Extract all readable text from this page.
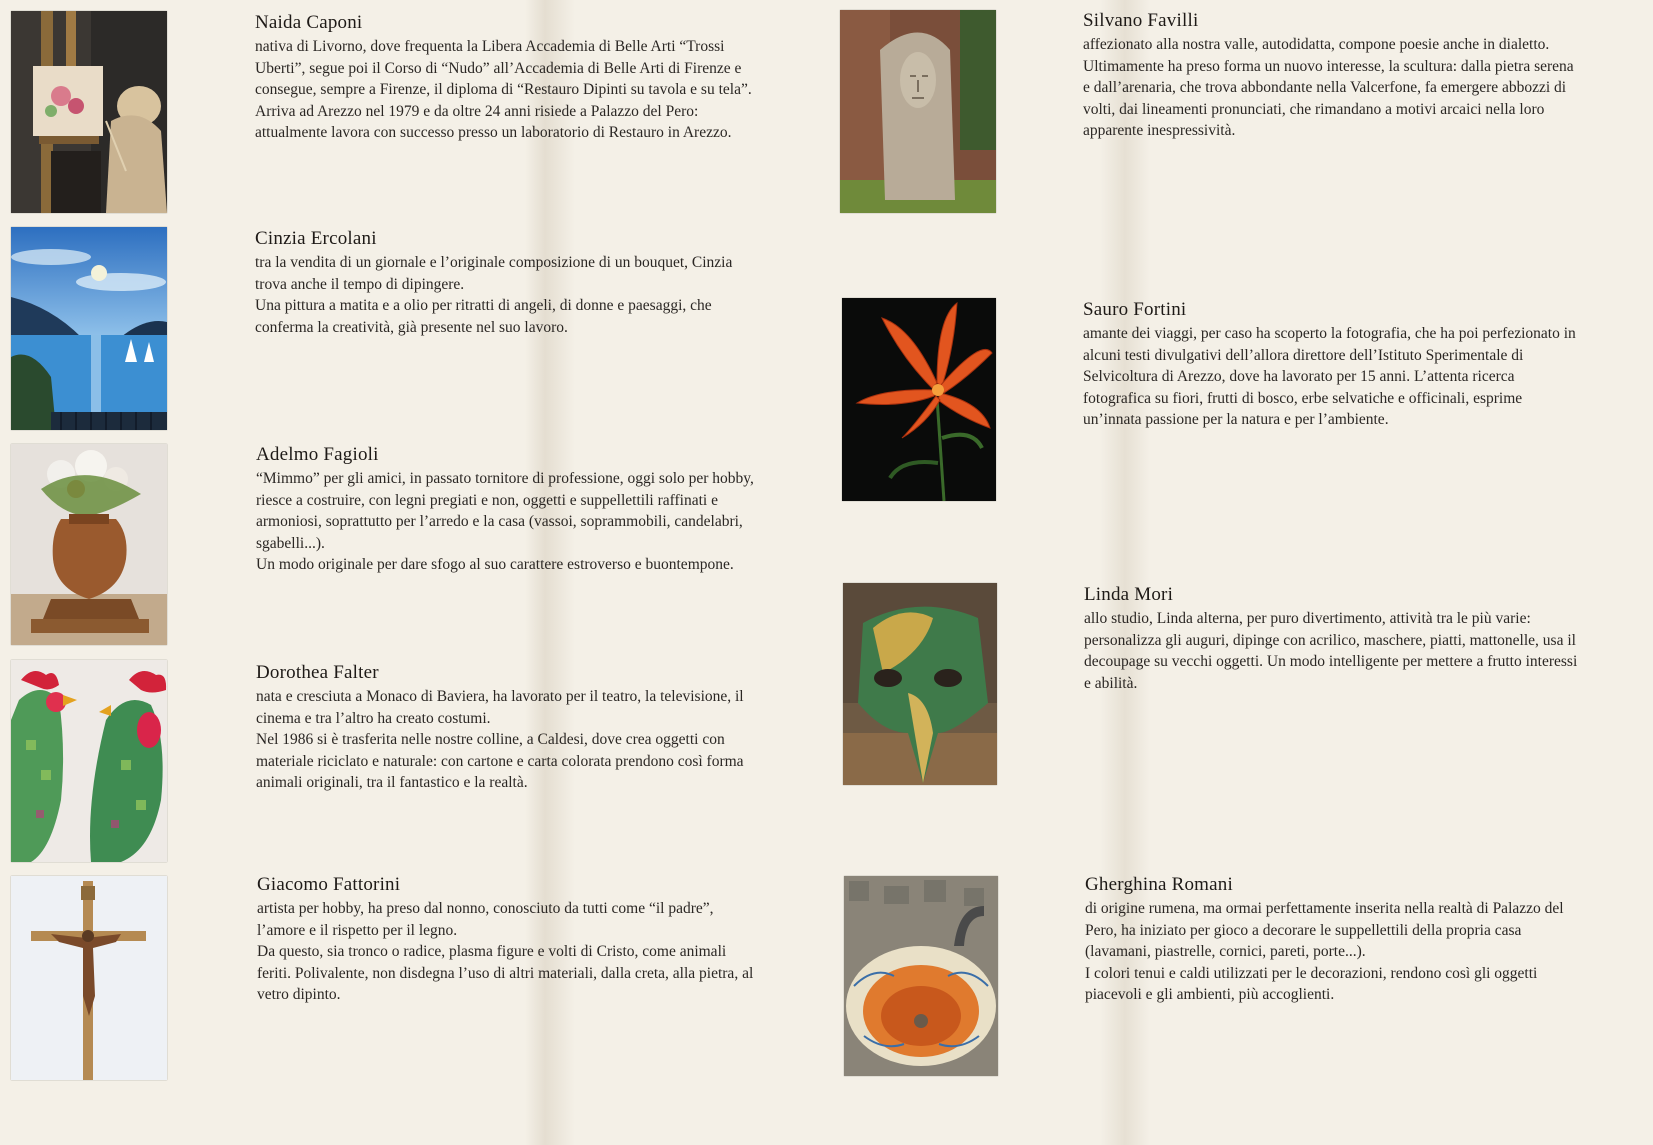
Naida Caponi

nativa di Livorno, dove frequenta la Libera Accademia di Belle Arti “Trossi Uberti”, segue poi il Corso di “Nudo” all’Accademia di Belle Arti di Firenze e consegue, sempre a Firenze, il diploma di “Restauro Dipinti su tavola e su tela”. Arriva ad Arezzo nel 1979 e da oltre 24 anni risiede a Palazzo del Pero: attualmente lavora con successo presso un laboratorio di Restauro in Arezzo.

Cinzia Ercolani

tra la vendita di un giornale e l’originale composizione di un bouquet, Cinzia trova anche il tempo di dipingere.

Una pittura a matita e a olio per ritratti di angeli, di donne e paesaggi, che conferma la creatività, già presente nel suo lavoro.

Adelmo Fagioli

“Mimmo” per gli amici, in passato tornitore di professione, oggi solo per hobby, riesce a costruire, con legni pregiati e non, oggetti e suppellettili raffinati e armoniosi, soprattutto per l’arredo e la casa (vassoi, soprammobili, candelabri, sgabelli...).

Un modo originale per dare sfogo al suo carattere estroverso e buontempone.

Dorothea Falter

nata e cresciuta a Monaco di Baviera, ha lavorato per il teatro, la televisione, il cinema e tra l’altro ha creato costumi.

Nel 1986 si è trasferita nelle nostre colline, a Caldesi, dove crea oggetti con materiale riciclato e naturale: con cartone e carta colorata prendono così forma animali originali, tra il fantastico e la realtà.

Giacomo Fattorini

artista per hobby, ha preso dal nonno, conosciuto da tutti come “il padre”, l’amore e il rispetto per il legno.

Da questo, sia tronco o radice, plasma figure e volti di Cristo, come animali feriti. Polivalente, non disdegna l’uso di altri materiali, dalla creta, alla pietra, al vetro dipinto.

Silvano Favilli

affezionato alla nostra valle, autodidatta, compone poesie anche in dialetto. Ultimamente ha preso forma un nuovo interesse, la scultura: dalla pietra serena e dall’arenaria, che trova abbondante nella Valcerfone, fa emergere abbozzi di volti, dai lineamenti pronunciati, che rimandano a motivi arcaici nella loro apparente inespressività.

Sauro Fortini

amante dei viaggi, per caso ha scoperto la fotografia, che ha poi perfezionato in alcuni testi divulgativi dell’allora direttore dell’Istituto Sperimentale di Selvicoltura di Arezzo, dove ha lavorato per 15 anni. L’attenta ricerca fotografica su fiori, frutti di bosco, erbe selvatiche e officinali, esprime un’innata passione per la natura e per l’ambiente.

Linda Mori

allo studio, Linda alterna, per puro divertimento, attività tra le più varie: personalizza gli auguri, dipinge con acrilico, maschere, piatti, mattonelle, usa il decoupage su vecchi oggetti. Un modo intelligente per mettere a frutto interessi e abilità.

Gherghina Romani

di origine rumena, ma ormai perfettamente inserita nella realtà di Palazzo del Pero, ha iniziato per gioco a decorare le suppellettili della propria casa (lavamani, piastrelle, cornici, pareti, porte...).

I colori tenui e caldi utilizzati per le decorazioni, rendono così gli oggetti piacevoli e gli ambienti, più accoglienti.
